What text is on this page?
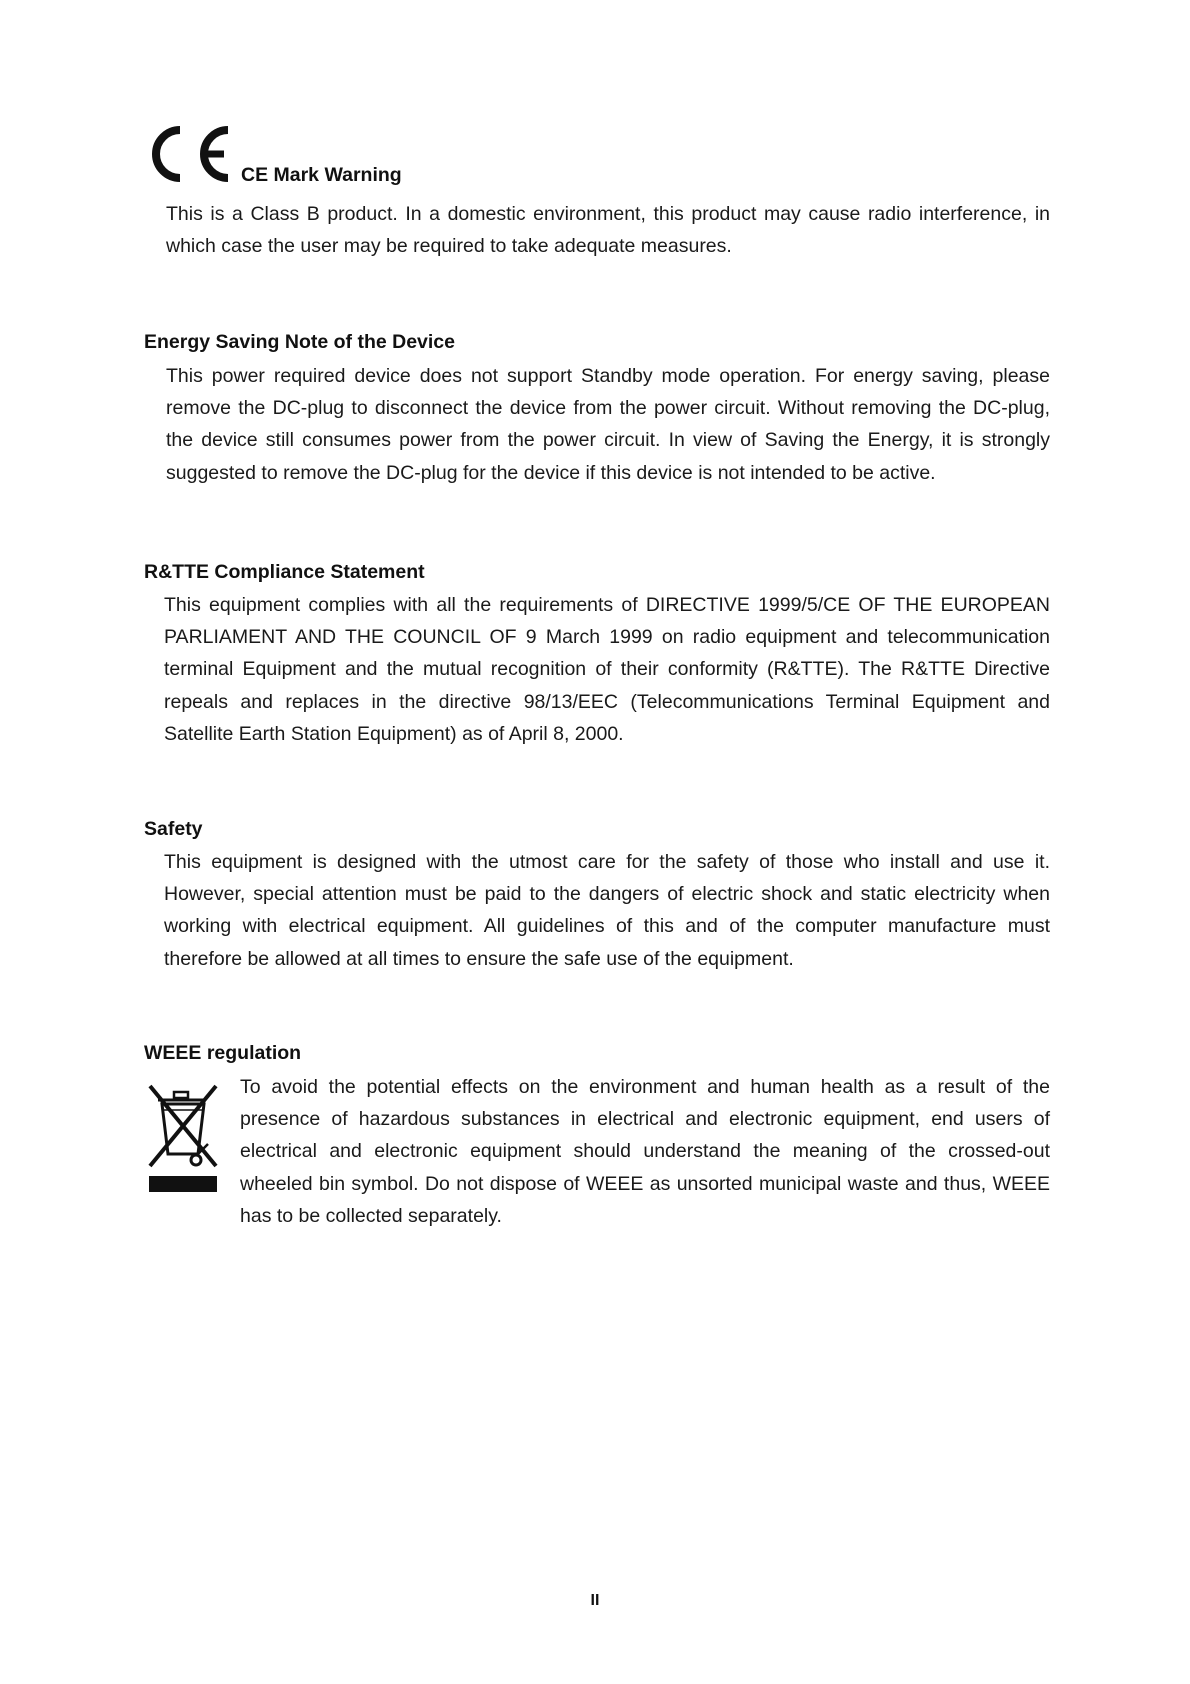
CE Mark Warning

This is a Class B product. In a domestic environment, this product may cause radio interference, in which case the user may be required to take adequate measures.

Energy Saving Note of the Device

This power required device does not support Standby mode operation. For energy saving, please remove the DC-plug to disconnect the device from the power circuit. Without removing the DC-plug, the device still consumes power from the power circuit. In view of Saving the Energy, it is strongly suggested to remove the DC-plug for the device if this device is not intended to be active.

R&TTE Compliance Statement

This equipment complies with all the requirements of DIRECTIVE 1999/5/CE OF THE EUROPEAN PARLIAMENT AND THE COUNCIL OF 9 March 1999 on radio equipment and telecommunication terminal Equipment and the mutual recognition of their conformity (R&TTE). The R&TTE Directive repeals and replaces in the directive 98/13/EEC (Telecommunications Terminal Equipment and Satellite Earth Station Equipment) as of April 8, 2000.

Safety

This equipment is designed with the utmost care for the safety of those who install and use it. However, special attention must be paid to the dangers of electric shock and static electricity when working with electrical equipment. All guidelines of this and of the computer manufacture must therefore be allowed at all times to ensure the safe use of the equipment.

WEEE regulation

To avoid the potential effects on the environment and human health as a result of the presence of hazardous substances in electrical and electronic equipment, end users of electrical and electronic equipment should understand the meaning of the crossed-out wheeled bin symbol. Do not dispose of WEEE as unsorted municipal waste and thus, WEEE has to be collected separately.

II
